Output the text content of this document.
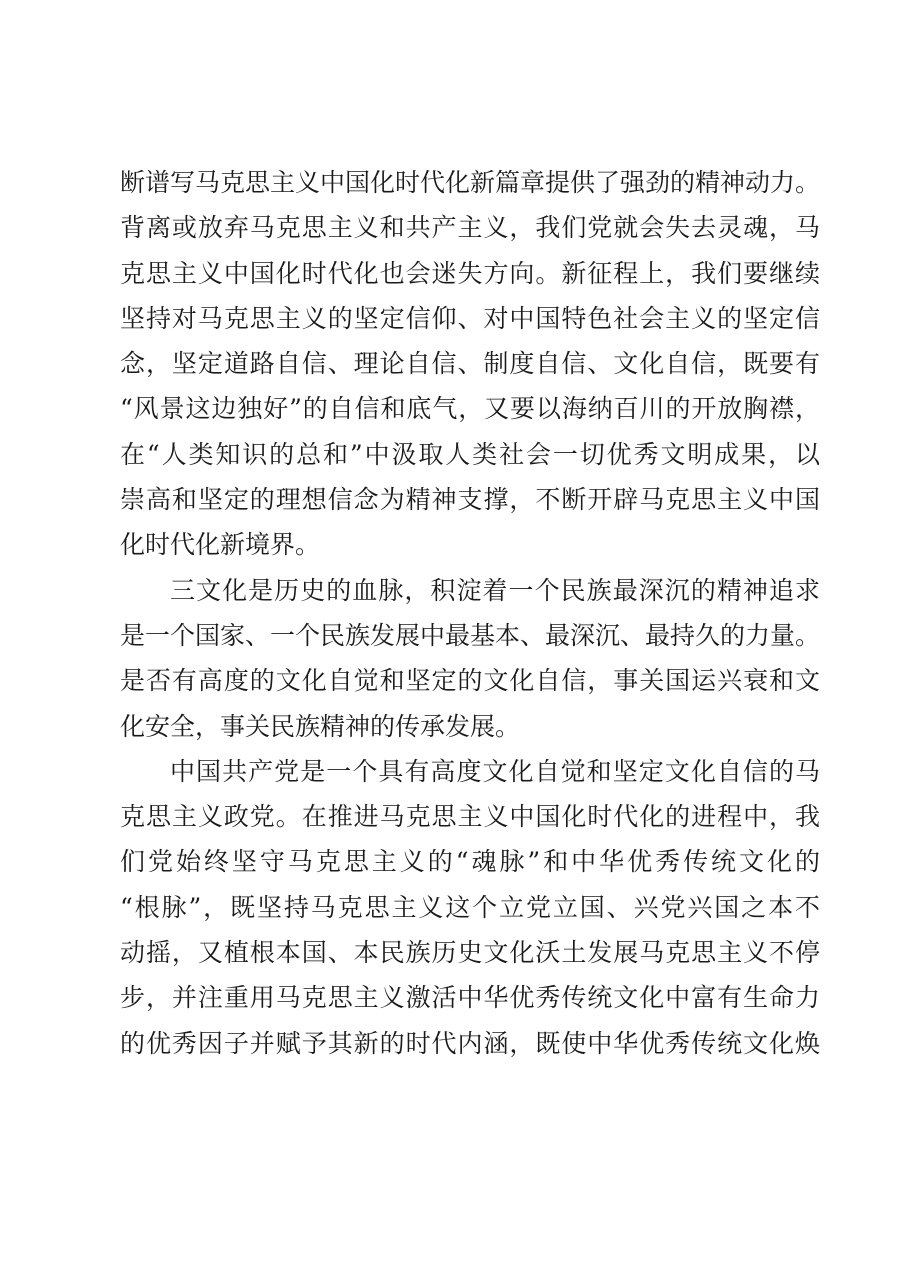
断谱写马克思主义中国化时代化新篇章提供了强劲的精神动力。
背离或放弃马克思主义和共产主义，我们党就会失去灵魂，马
克思主义中国化时代化也会迷失方向。新征程上，我们要继续
坚持对马克思主义的坚定信仰、对中国特色社会主义的坚定信
念，坚定道路自信、理论自信、制度自信、文化自信，既要有
“风景这边独好”的自信和底气，又要以海纳百川的开放胸襟，
在“人类知识的总和”中汲取人类社会一切优秀文明成果，以
崇高和坚定的理想信念为精神支撑，不断开辟马克思主义中国
化时代化新境界。
三文化是历史的血脉，积淀着一个民族最深沉的精神追求
是一个国家、一个民族发展中最基本、最深沉、最持久的力量。
是否有高度的文化自觉和坚定的文化自信，事关国运兴衰和文
化安全，事关民族精神的传承发展。
中国共产党是一个具有高度文化自觉和坚定文化自信的马
克思主义政党。在推进马克思主义中国化时代化的进程中，我
们党始终坚守马克思主义的“魂脉”和中华优秀传统文化的
“根脉”，既坚持马克思主义这个立党立国、兴党兴国之本不
动摇，又植根本国、本民族历史文化沃土发展马克思主义不停
步，并注重用马克思主义激活中华优秀传统文化中富有生命力
的优秀因子并赋予其新的时代内涵，既使中华优秀传统文化焕
